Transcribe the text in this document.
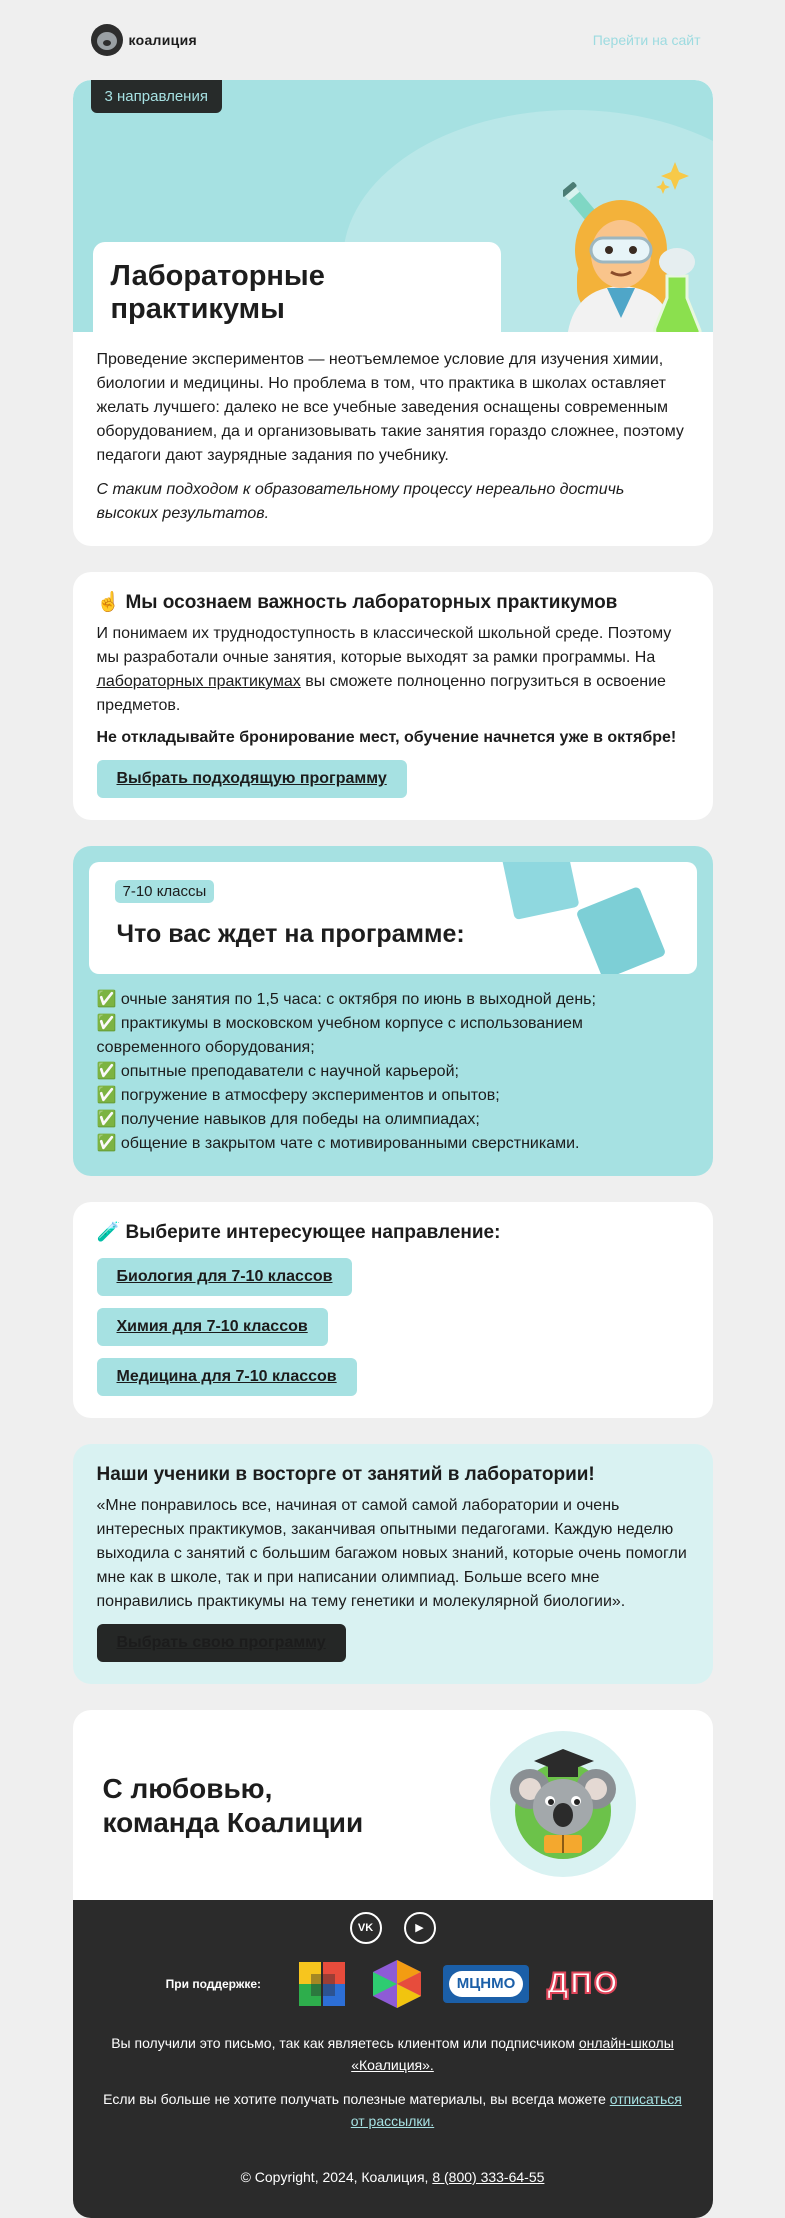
коалиция	Перейти на сайт
3 направления
Лабораторные практикумы

Проведение экспериментов — неотъемлемое условие для изучения химии, биологии и медицины. Но проблема в том, что практика в школах оставляет желать лучшего: далеко не все учебные заведения оснащены современным оборудованием, да и организовывать такие занятия гораздо сложнее, поэтому педагоги дают заурядные задания по учебнику.

С таким подходом к образовательному процессу нереально достичь высоких результатов.

☝️ Мы осознаем важность лабораторных практикумов

И понимаем их труднодоступность в классической школьной среде. Поэтому мы разработали очные занятия, которые выходят за рамки программы. На лабораторных практикумах вы сможете полноценно погрузиться в освоение предметов.

Не откладывайте бронирование мест, обучение начнется уже в октябре!

Выбрать подходящую программу
7-10 классы
Что вас ждет на программе:
✅ очные занятия по 1,5 часа: с октября по июнь в выходной день;
✅ практикумы в московском учебном корпусе с использованием современного оборудования;
✅ опытные преподаватели с научной карьерой;
✅ погружение в атмосферу экспериментов и опытов;
✅ получение навыков для победы на олимпиадах;
✅ общение в закрытом чате с мотивированными сверстниками.
🧪 Выберите интересующее направление:
Биология для 7-10 классов
Химия для 7-10 классов
Медицина для 7-10 классов
Наши ученики в восторге от занятий в лаборатории!

«Мне понравилось все, начиная от самой самой лаборатории и очень интересных практикумов, заканчивая опытными педагогами. Каждую неделю выходила с занятий с большим багажом новых знаний, которые очень помогли мне как в школе, так и при написании олимпиад. Больше всего мне понравились практикумы на тему генетики и молекулярной биологии».

Выбрать свою программу
С любовью,
команда Коалиции
VK	▶
При поддержке:	МЦНМО ДПО

Вы получили это письмо, так как являетесь клиентом или подписчиком онлайн-школы «Коалиция».

Если вы больше не хотите получать полезные материалы, вы всегда можете отписаться от рассылки.

© Copyright, 2024, Коалиция, 8 (800) 333-64-55
